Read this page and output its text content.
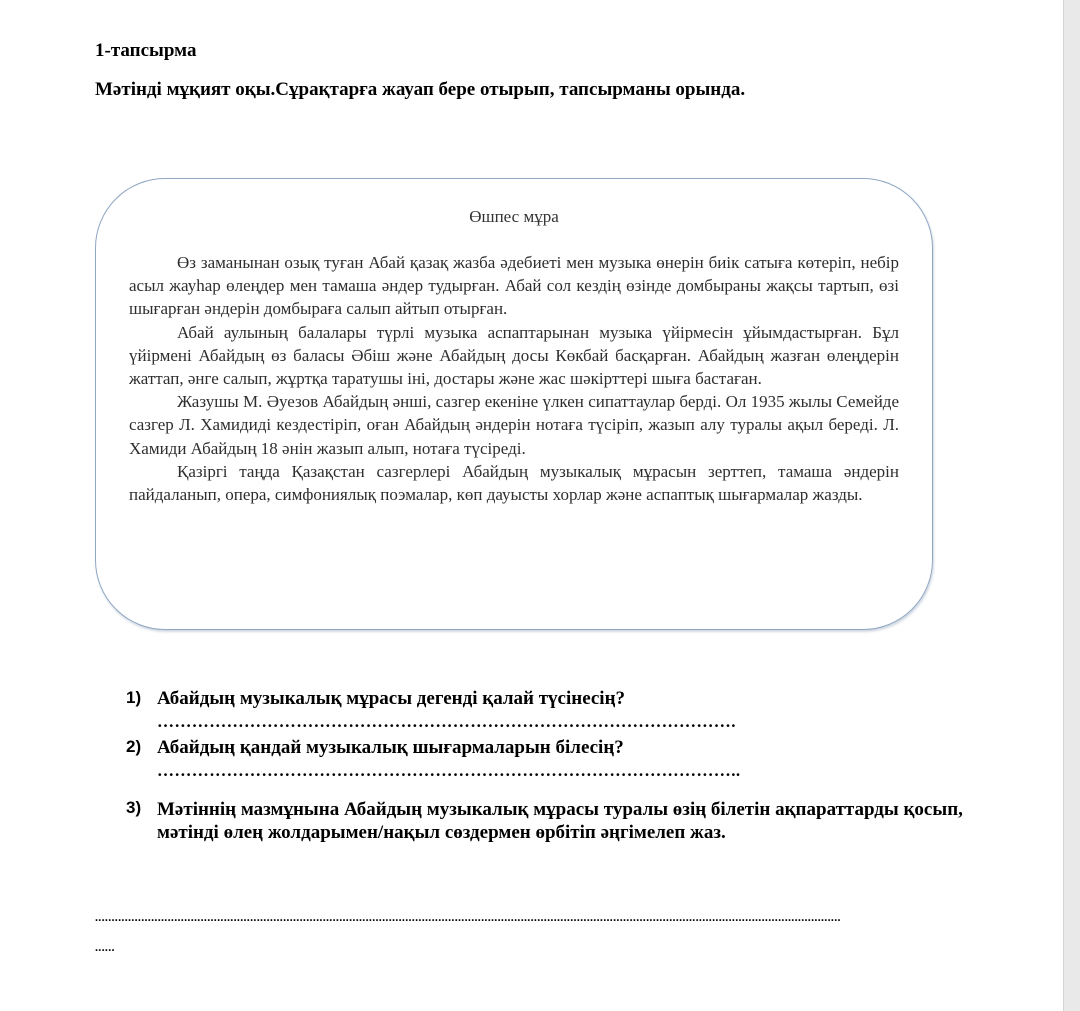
1-тапсырма
Мәтінді мұқият оқы.Сұрақтарға жауап бере отырып, тапсырманы орында.
Өшпес мұра

Өз заманынан озық туған Абай қазақ жазба әдебиеті мен музыка өнерін биік сатыға көтеріп, небір асыл жауһар өлеңдер мен тамаша әндер тудырған. Абай сол кездің өзінде домбыраны жақсы тартып, өзі шығарған әндерін домбыраға салып айтып отырған.

Абай аулының балалары түрлі музыка аспаптарынан музыка үйірмесін ұйымдастырған. Бұл үйірмені Абайдың өз баласы Әбіш және Абайдың досы Көкбай басқарған. Абайдың жазған өлеңдерін жаттап, әнге салып, жұртқа таратушы іні, достары және жас шәкірттері шыға бастаған.

Жазушы М. Әуезов Абайдың әнші, сазгер екеніне үлкен сипаттаулар берді. Ол 1935 жылы Семейде сазгер Л. Хамидиді кездестіріп, оған Абайдың әндерін нотаға түсіріп, жазып алу туралы ақыл береді. Л. Хамиди Абайдың 18 әнін жазып алып, нотаға түсіреді.

Қазіргі таңда Қазақстан сазгерлері Абайдың музыкалық мұрасын зерттеп, тамаша әндерін пайдаланып, опера, симфониялық поэмалар, көп дауысты хорлар және аспаптық шығармалар жазды.

1) Абайдың музыкалық мұрасы дегенді қалай түсінесің?
……………………………………………………………………………………….
2) Абайдың қандай музыкалық шығармаларын білесің?
………………………………………………………………………………………..
3) Мәтіннің мазмұнына Абайдың музыкалық мұрасы туралы өзің білетін ақпараттарды қосып, мәтінді өлең жолдарымен/нақыл сөздермен өрбітіп әңгімелеп жаз.
..................................................................................................................................................................................................................................
......
